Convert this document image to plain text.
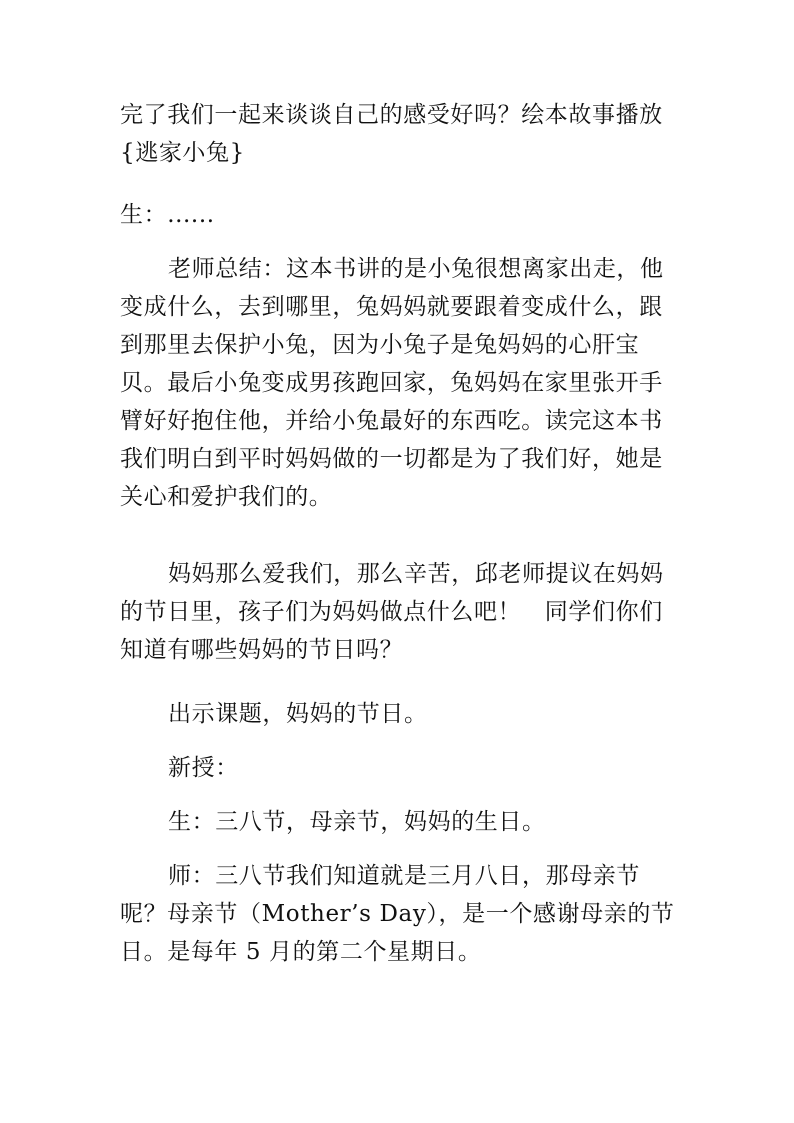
完了我们一起来谈谈自己的感受好吗？绘本故事播放
{逃家小兔}
生：......
老师总结：这本书讲的是小兔很想离家出走，他
变成什么，去到哪里，兔妈妈就要跟着变成什么，跟
到那里去保护小兔，因为小兔子是兔妈妈的心肝宝
贝。最后小兔变成男孩跑回家，兔妈妈在家里张开手
臂好好抱住他，并给小兔最好的东西吃。读完这本书
我们明白到平时妈妈做的一切都是为了我们好，她是
关心和爱护我们的。
妈妈那么爱我们，那么辛苦，邱老师提议在妈妈
的节日里，孩子们为妈妈做点什么吧！　同学们你们
知道有哪些妈妈的节日吗？
出示课题，妈妈的节日。
新授：
生：三八节，母亲节，妈妈的生日。
师：三八节我们知道就是三月八日，那母亲节
呢？母亲节（Mother’s Day），是一个感谢母亲的节
日。是每年 5 月的第二个星期日。
